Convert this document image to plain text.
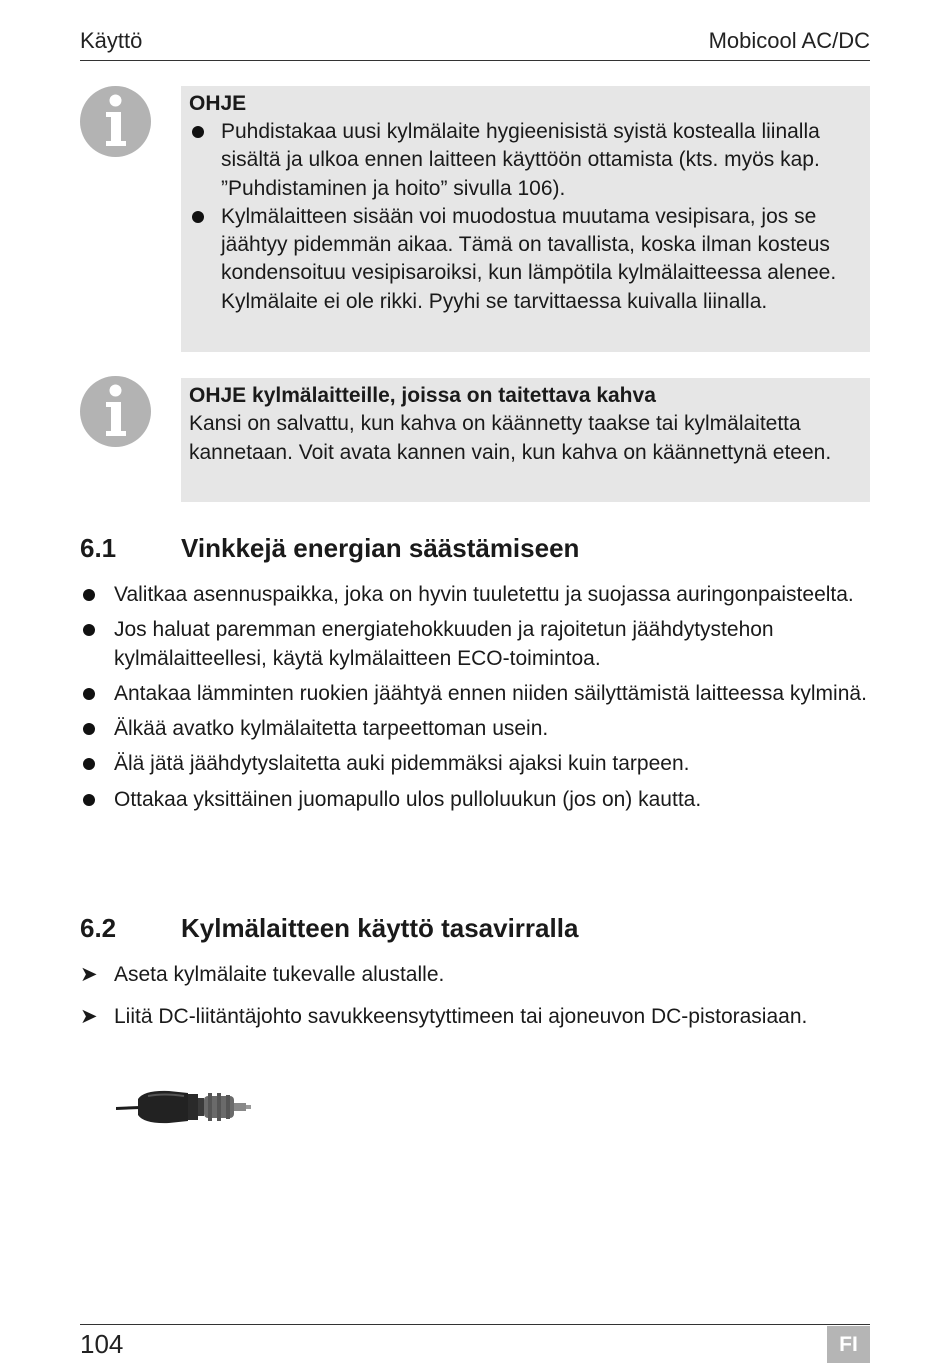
Käyttö	Mobicool AC/DC
OHJE
Puhdistakaa uusi kylmälaite hygieenisistä syistä kostealla liinalla sisältä ja ulkoa ennen laitteen käyttöön ottamista (kts. myös kap. ”Puhdistaminen ja hoito” sivulla 106).
Kylmälaitteen sisään voi muodostua muutama vesipisara, jos se jäähtyy pidemmän aikaa. Tämä on tavallista, koska ilman kosteus kondensoituu vesipisaroiksi, kun lämpötila kylmälaitteessa alenee. Kylmälaite ei ole rikki. Pyyhi se tarvittaessa kuivalla liinalla.
OHJE kylmälaitteille, joissa on taitettava kahva
Kansi on salvattu, kun kahva on käännetty taakse tai kylmälaitetta kannetaan. Voit avata kannen vain, kun kahva on käännettynä eteen.
6.1 Vinkkejä energian säästämiseen
Valitkaa asennuspaikka, joka on hyvin tuuletettu ja suojassa auringonpaisteelta.
Jos haluat paremman energiatehokkuuden ja rajoitetun jäähdytystehon kylmälaitteellesi, käytä kylmälaitteen ECO-toimintoa.
Antakaa lämminten ruokien jäähtyä ennen niiden säilyttämistä laitteessa kylminä.
Älkää avatko kylmälaitetta tarpeettoman usein.
Älä jätä jäähdytyslaitetta auki pidemmäksi ajaksi kuin tarpeen.
Ottakaa yksittäinen juomapullo ulos pulloluukun (jos on) kautta.
6.2 Kylmälaitteen käyttö tasavirralla
➤ Aseta kylmälaite tukevalle alustalle.
➤ Liitä DC-liitäntäjohto savukkeensytyttimeen tai ajoneuvon DC-pistorasiaan.
104	FI
